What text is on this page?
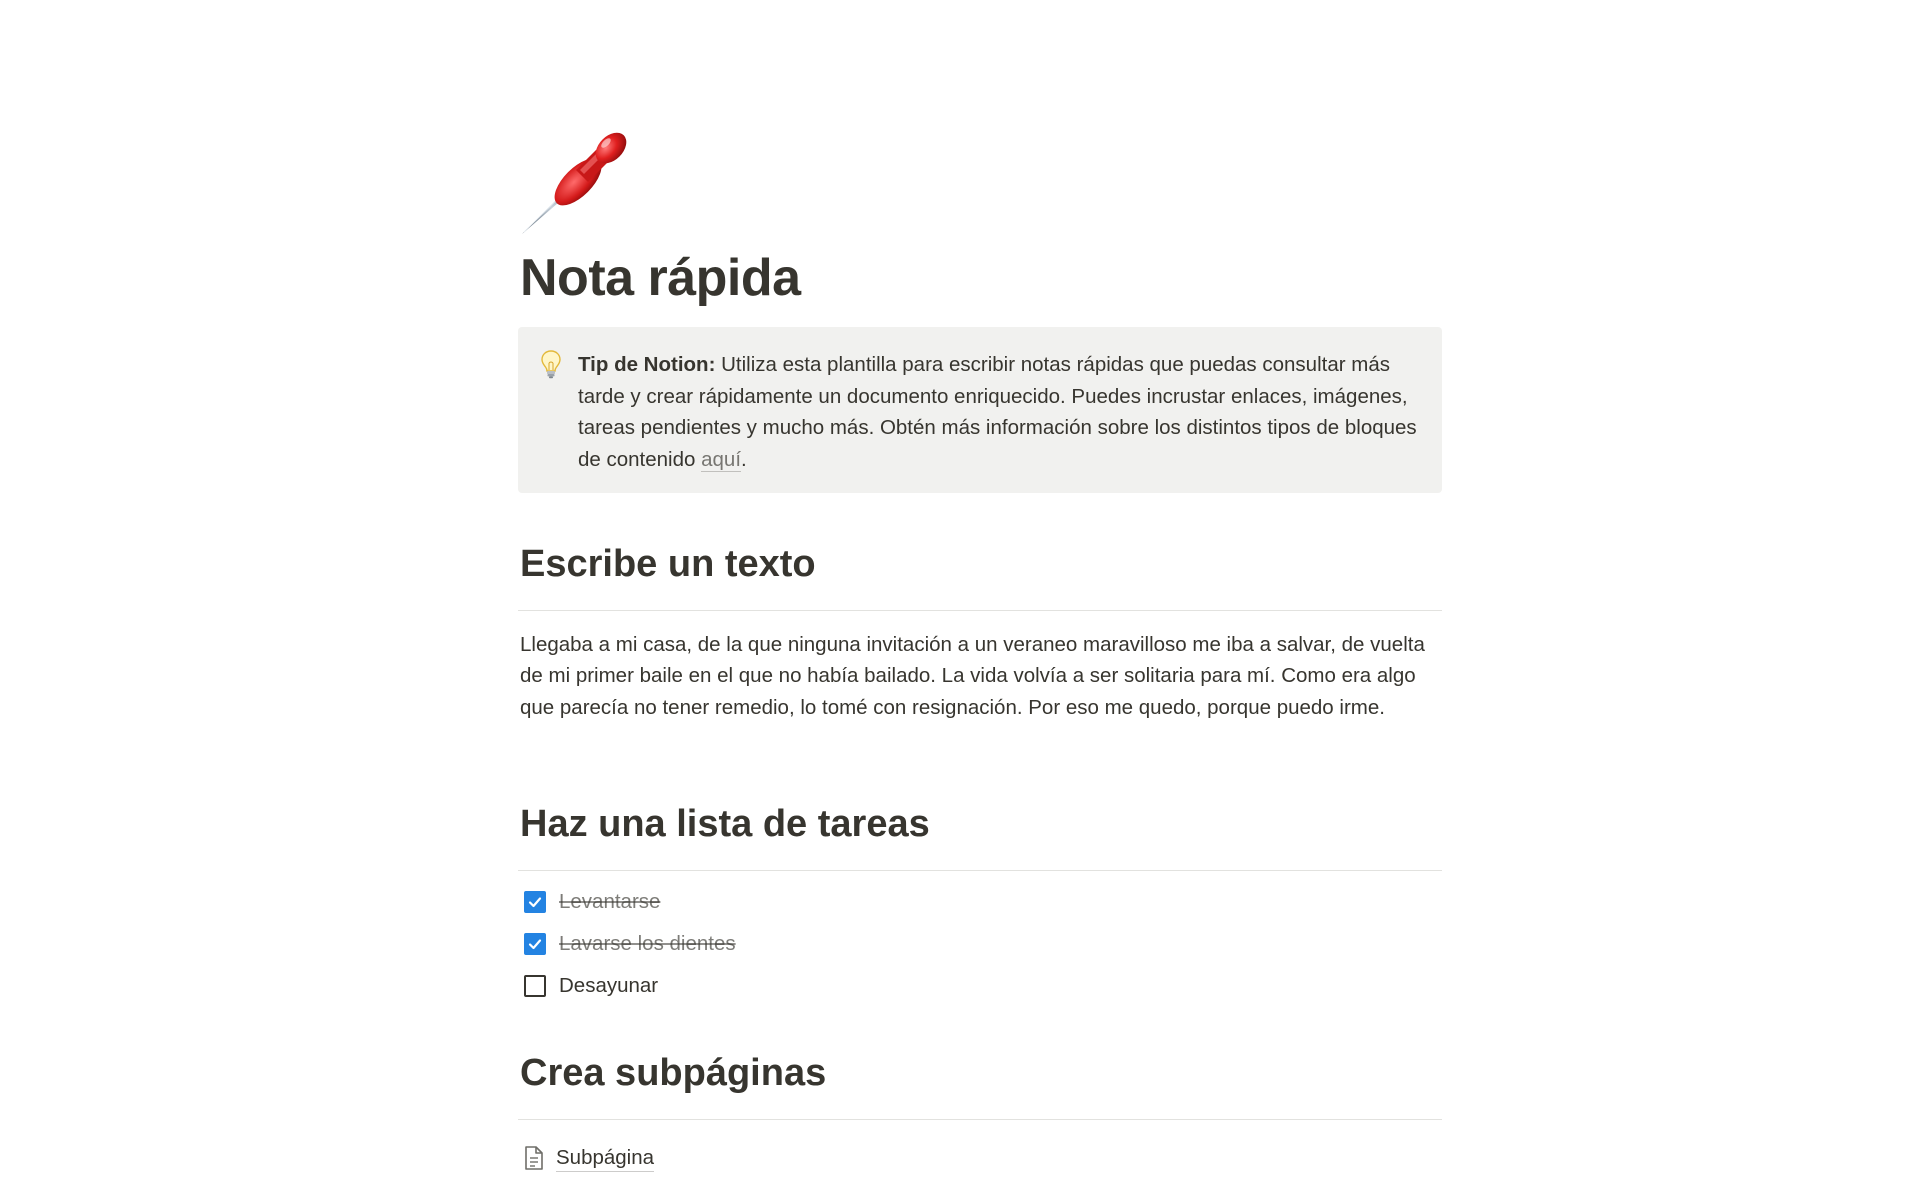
Nota rápida
Tip de Notion: Utiliza esta plantilla para escribir notas rápidas que puedas consultar más tarde y crear rápidamente un documento enriquecido. Puedes incrustar enlaces, imágenes, tareas pendientes y mucho más. Obtén más información sobre los distintos tipos de bloques de contenido aquí.
Escribe un texto
Llegaba a mi casa, de la que ninguna invitación a un veraneo maravilloso me iba a salvar, de vuelta de mi primer baile en el que no había bailado. La vida volvía a ser solitaria para mí. Como era algo que parecía no tener remedio, lo tomé con resignación. Por eso me quedo, porque puedo irme.
Haz una lista de tareas
Levantarse
Lavarse los dientes
Desayunar
Crea subpáginas
Subpágina
